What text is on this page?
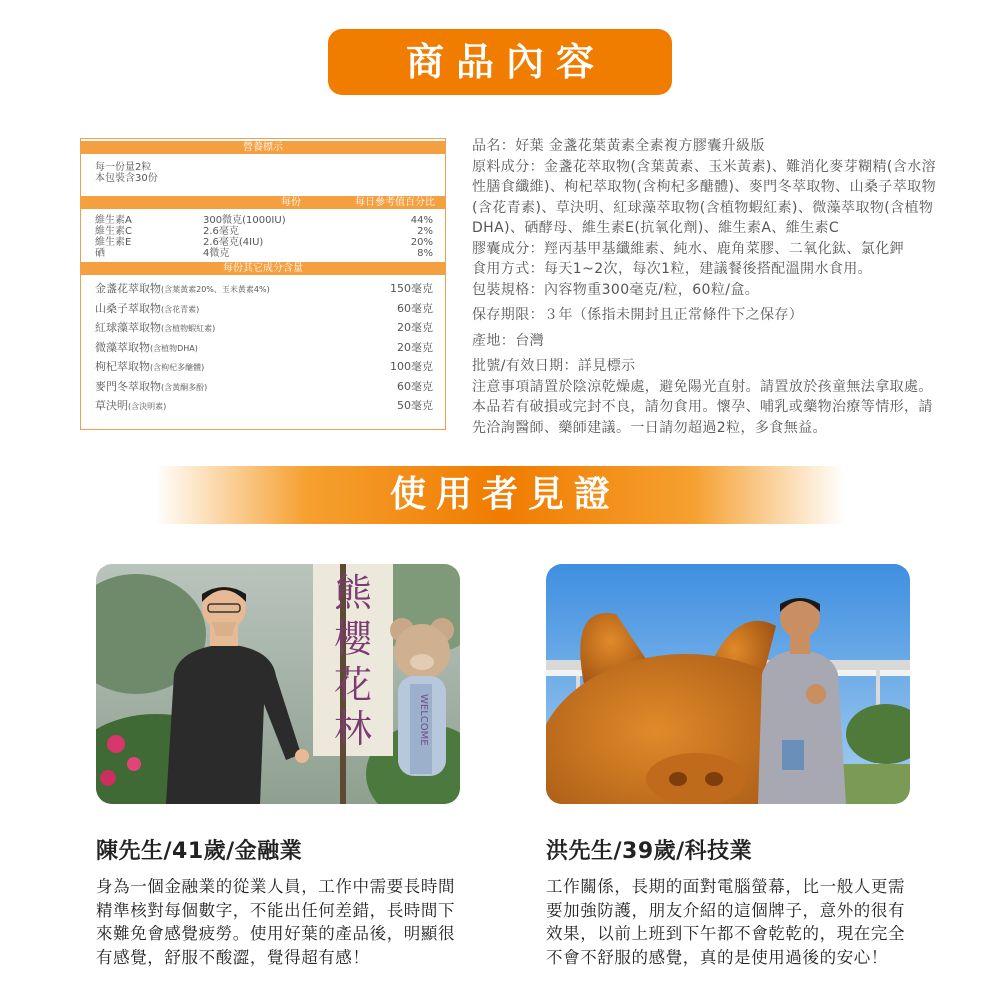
商品內容
營養標示
每一份量2粒
本包裝含30份
每份	每日參考值百分比
維生素A	300微克(1000IU)	44%
維生素C	2.6毫克	2%
維生素E	2.6毫克(4IU)	20%
硒	4微克	8%
每份其它成分含量
金盞花萃取物(含葉黃素20%、玉米黃素4%)	150毫克
山桑子萃取物(含花青素)	60毫克
紅球藻萃取物(含植物蝦紅素)	20毫克
微藻萃取物(含植物DHA)	20毫克
枸杞萃取物(含枸杞多醣體)	100毫克
麥門冬萃取物(含黃酮多酚)	60毫克
草決明(含決明素)	50毫克

品名：好葉 金盞花葉黃素全素複方膠囊升級版

原料成分：金盞花萃取物(含葉黃素、玉米黃素)、難消化麥芽糊精(含水溶性膳食纖維)、枸杞萃取物(含枸杞多醣體)、麥門冬萃取物、山桑子萃取物(含花青素)、草決明、紅球藻萃取物(含植物蝦紅素)、微藻萃取物(含植物DHA)、硒酵母、維生素E(抗氧化劑)、維生素A、維生素C

膠囊成分：羥丙基甲基纖維素、純水、鹿角菜膠、二氧化鈦、氯化鉀

食用方式：每天1~2次，每次1粒，建議餐後搭配溫開水食用。

包裝規格：內容物重300毫克/粒，60粒/盒。

保存期限：３年（係指未開封且正常條件下之保存）

產地：台灣

批號/有效日期：詳見標示

注意事項請置於陰涼乾燥處，避免陽光直射。請置放於孩童無法拿取處。本品若有破損或完封不良，請勿食用。懷孕、哺乳或藥物治療等情形，請先洽詢醫師、藥師建議。一日請勿超過2粒，多食無益。

使用者見證
熊
櫻
花
林	WELCOME
陳先生/41歲/金融業
身為一個金融業的從業人員，工作中需要長時間精準核對每個數字，不能出任何差錯，長時間下來難免會感覺疲勞。使用好葉的產品後，明顯很有感覺，舒服不酸澀，覺得超有感！
洪先生/39歲/科技業
工作關係，長期的面對電腦螢幕，比一般人更需要加強防護，朋友介紹的這個牌子，意外的很有效果，以前上班到下午都不會乾乾的，現在完全不會不舒服的感覺，真的是使用過後的安心！
